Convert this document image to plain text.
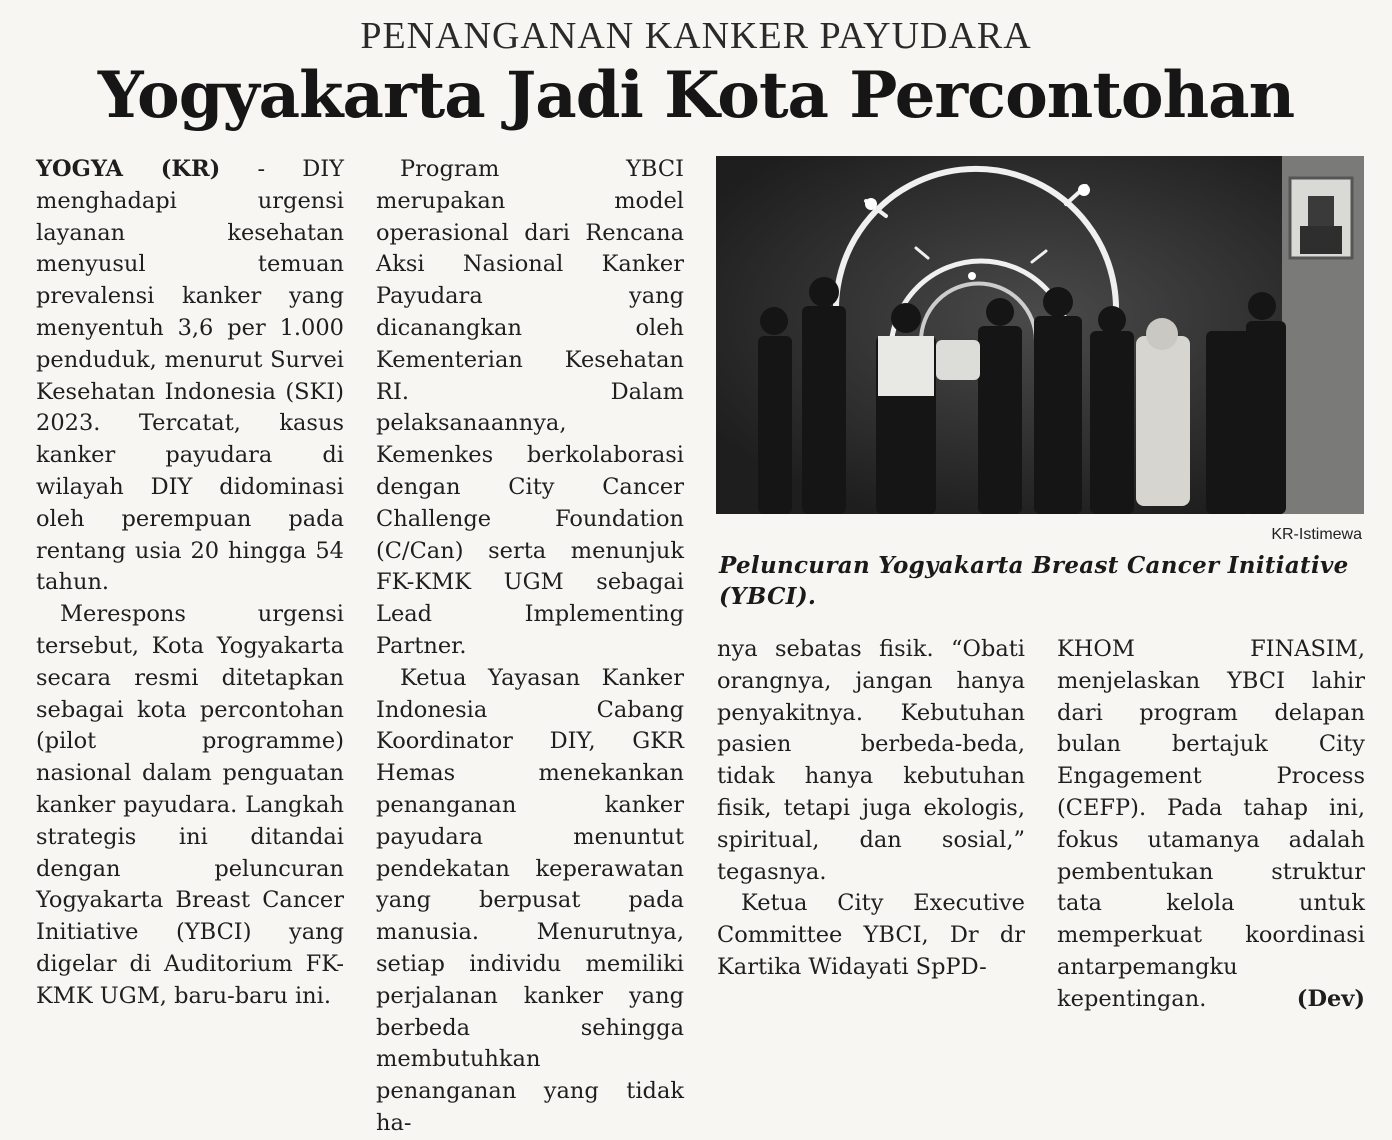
PENANGANAN KANKER PAYUDARA
Yogyakarta Jadi Kota Percontohan

YOGYA (KR) - DIY menghadapi urgensi layanan kesehatan menyusul temuan prevalensi kanker yang menyentuh 3,6 per 1.000 penduduk, menurut Survei Kesehatan Indonesia (SKI) 2023. Tercatat, kasus kanker payudara di wilayah DIY didominasi oleh perempuan pada rentang usia 20 hingga 54 tahun.

Merespons urgensi tersebut, Kota Yogyakarta secara resmi ditetapkan sebagai kota percontohan (pilot programme) nasional dalam penguatan kanker payudara. Langkah strategis ini ditandai dengan peluncuran Yogyakarta Breast Cancer Initiative (YBCI) yang digelar di Auditorium FK-KMK UGM, baru-baru ini.

Program YBCI merupakan model operasional dari Rencana Aksi Nasional Kanker Payudara yang dicanangkan oleh Kementerian Kesehatan RI. Dalam pelaksanaannya, Kemenkes berkolaborasi dengan City Cancer Challenge Foundation (C/Can) serta menunjuk FK-KMK UGM sebagai Lead Implementing Partner.

Ketua Yayasan Kanker Indonesia Cabang Koordinator DIY, GKR Hemas menekankan penanganan kanker payudara menuntut pendekatan keperawatan yang berpusat pada manusia. Menurutnya, setiap individu memiliki perjalanan kanker yang berbeda sehingga membutuhkan penanganan yang tidak ha-

KR-Istimewa
Peluncuran Yogyakarta Breast Cancer Initiative (YBCI).

nya sebatas fisik. “Obati orangnya, jangan hanya penyakitnya. Kebutuhan pasien berbeda-beda, tidak hanya kebutuhan fisik, tetapi juga ekologis, spiritual, dan sosial,” tegasnya.

Ketua City Executive Committee YBCI, Dr dr Kartika Widayati SpPD-

KHOM FINASIM, menjelaskan YBCI lahir dari program delapan bulan bertajuk City Engagement Process (CEFP). Pada tahap ini, fokus utamanya adalah pembentukan struktur tata kelola untuk memperkuat koordinasi antarpemangku kepentingan.	(Dev)
